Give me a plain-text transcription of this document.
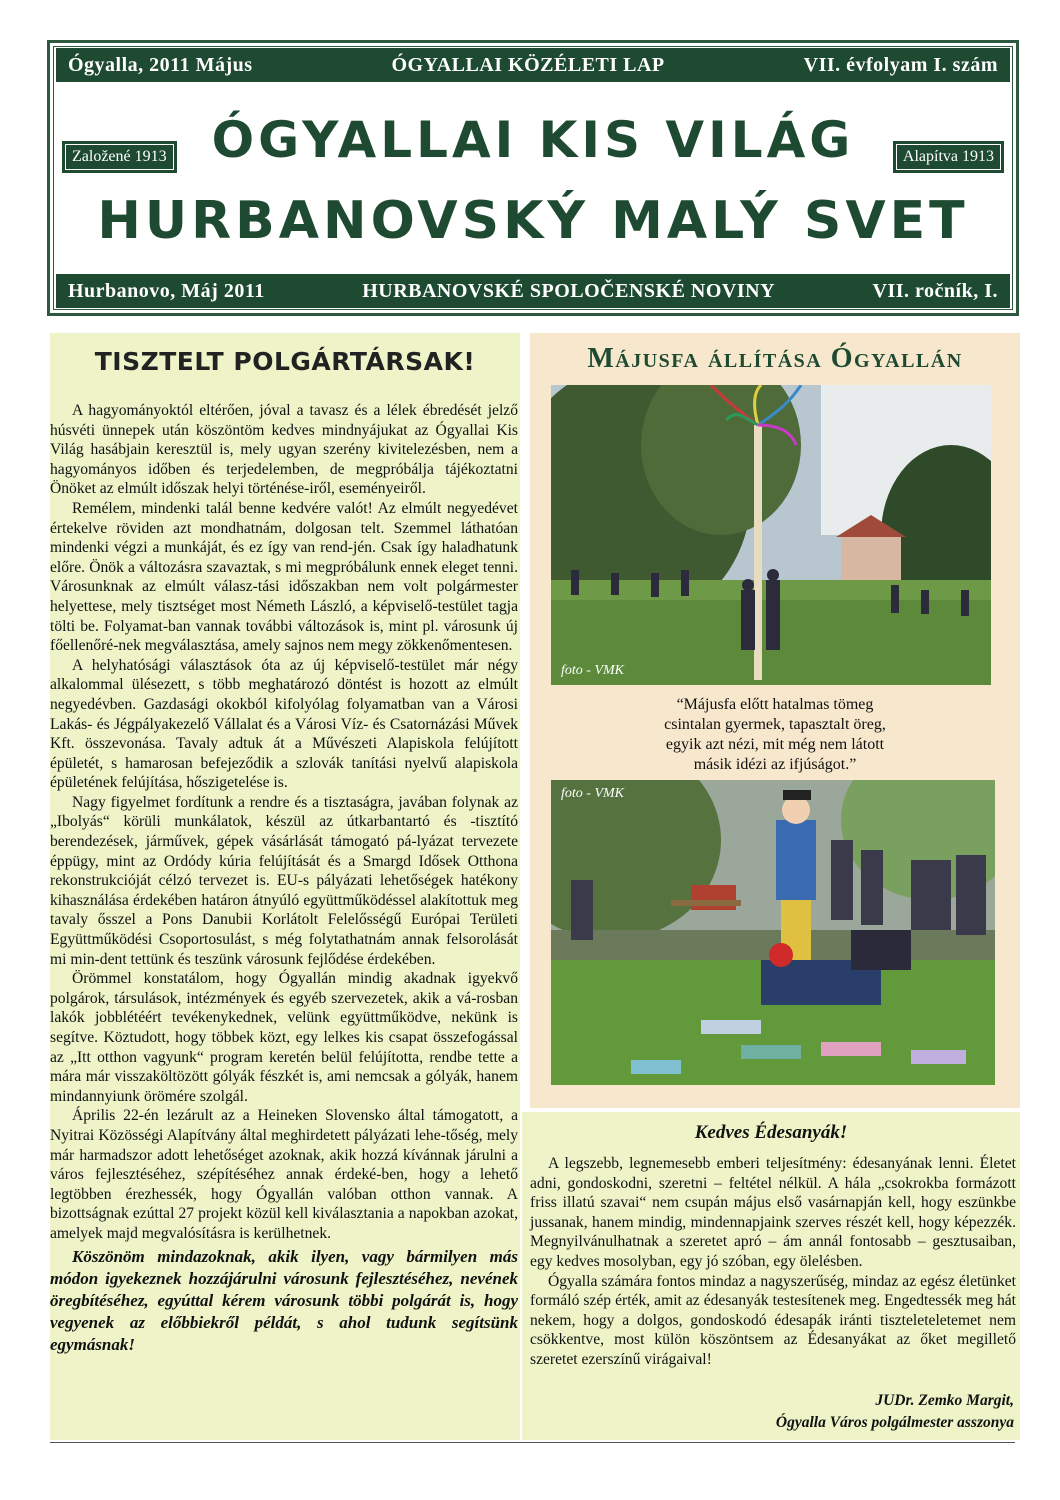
Ógyalla, 2011 Május	ÓGYALLAI KÖZÉLETI LAP	VII. évfolyam I. szám
ÓGYALLAI KIS VILÁG
Založené 1913	Alapítva 1913
HURBANOVSKÝ MALÝ SVET
Hurbanovo, Máj 2011	HURBANOVSKÉ SPOLOČENSKÉ NOVINY	VII. ročník, I.
TISZTELT POLGÁRTÁRSAK!

A hagyományoktól eltérően, jóval a tavasz és a lélek ébredését jelző húsvéti ünnepek után köszöntöm kedves mindnyájukat az Ógyallai Kis Világ hasábjain keresztül is, mely ugyan szerény kivitelezésben, nem a hagyományos időben és terjedelemben, de megpróbálja tájékoztatni Önöket az elmúlt időszak helyi történése-iről, eseményeiről.

Remélem, mindenki talál benne kedvére valót! Az elmúlt negyedévet értekelve röviden azt mondhatnám, dolgosan telt. Szemmel láthatóan mindenki végzi a munkáját, és ez így van rend-jén. Csak így haladhatunk előre. Önök a változásra szavaztak, s mi megpróbálunk ennek eleget tenni. Városunknak az elmúlt válasz-tási időszakban nem volt polgármester helyettese, mely tisztséget most Németh László, a képviselő-testület tagja tölti be. Folyamat-ban vannak további változások is, mint pl. városunk új főellenőré-nek megválasztása, amely sajnos nem megy zökkenőmentesen.

A helyhatósági választások óta az új képviselő-testület már négy alkalommal ülésezett, s több meghatározó döntést is hozott az elmúlt negyedévben. Gazdasági okokból kifolyólag folyamatban van a Városi Lakás- és Jégpályakezelő Vállalat és a Városi Víz- és Csatornázási Művek Kft. összevonása. Tavaly adtuk át a Művészeti Alapiskola felújított épületét, s hamarosan befejeződik a szlovák tanítási nyelvű alapiskola épületének felújítása, hőszigetelése is.

Nagy figyelmet fordítunk a rendre és a tisztaságra, javában folynak az „Ibolyás“ körüli munkálatok, készül az útkarbantartó és -tisztító berendezések, járművek, gépek vásárlását támogató pá-lyázat tervezete éppügy, mint az Ordódy kúria felújítását és a Smargd Idősek Otthona rekonstrukcióját célzó tervezet is. EU-s pályázati lehetőségek hatékony kihasználása érdekében határon átnyúló együttműködéssel alakítottuk meg tavaly ősszel a Pons Danubii Korlátolt Felelősségű Európai Területi Együttműködési Csoportosulást, s még folytathatnám annak felsorolását mi min-dent tettünk és teszünk városunk fejlődése érdekében.

Örömmel konstatálom, hogy Ógyallán mindig akadnak igyekvő polgárok, társulások, intézmények és egyéb szervezetek, akik a vá-rosban lakók jobblétéért tevékenykednek, velünk együttműködve, nekünk is segítve. Köztudott, hogy többek közt, egy lelkes kis csapat összefogással az „Itt otthon vagyunk“ program keretén belül felújította, rendbe tette a mára már visszaköltözött gólyák fészkét is, ami nemcsak a gólyák, hanem mindannyiunk örömére szolgál.

Április 22-én lezárult az a Heineken Slovensko által támogatott, a Nyitrai Közösségi Alapítvány által meghirdetett pályázati lehe-tőség, mely már harmadszor adott lehetőséget azoknak, akik hozzá kívánnak járulni a város fejlesztéséhez, szépítéséhez annak érdeké-ben, hogy a lehető legtöbben érezhessék, hogy Ógyallán valóban otthon vannak. A bizottságnak ezúttal 27 projekt közül kell kiválasztania a napokban azokat, amelyek majd megvalósításra is kerülhetnek.

Köszönöm mindazoknak, akik ilyen, vagy bármilyen más módon igyekeznek hozzájárulni városunk fejlesztéséhez, nevének öregbítéséhez, egyúttal kérem városunk többi polgárát is, hogy vegyenek az előbbiekről példát, s ahol tudunk segítsünk egymásnak!

Májusfa állítása Ógyallán
foto - VMK
“Májusfa előtt hatalmas tömeg
csintalan gyermek, tapasztalt öreg,
egyik azt nézi, mit még nem látott
másik idézi az ifjúságot.”
foto - VMK
Kedves Édesanyák!

A legszebb, legnemesebb emberi teljesítmény: édesanyának lenni. Életet adni, gondoskodni, szeretni – feltétel nélkül. A hála „csokrokba formázott friss illatú szavai“ nem csupán május első vasárnapján kell, hogy eszünkbe jussanak, hanem mindig, mindennapjaink szerves részét kell, hogy képezzék. Megnyilvánulhatnak a szeretet apró – ám annál fontosabb – gesztusaiban, egy kedves mosolyban, egy jó szóban, egy ölelésben.

Ógyalla számára fontos mindaz a nagyszerűség, mindaz az egész életünket formáló szép érték, amit az édesanyák testesítenek meg. Engedtessék meg hát nekem, hogy a dolgos, gondoskodó édesapák iránti tiszteleteletemet nem csökkentve, most külön köszöntsem az Édesanyákat az őket megillető szeretet ezerszínű virágaival!

JUDr. Zemko Margit,
Ógyalla Város polgálmester asszonya
